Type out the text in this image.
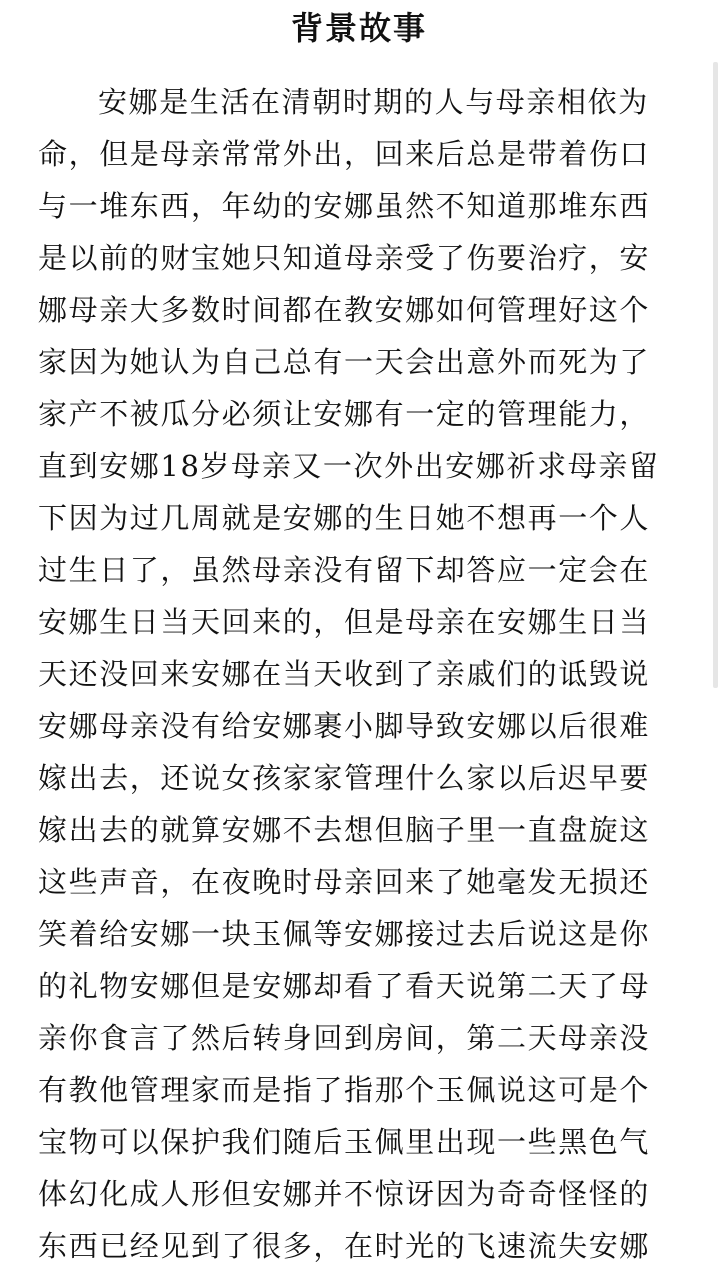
背景故事
安娜是生活在清朝时期的人与母亲相依为
命，但是母亲常常外出，回来后总是带着伤口
与一堆东西，年幼的安娜虽然不知道那堆东西
是以前的财宝她只知道母亲受了伤要治疗，安
娜母亲大多数时间都在教安娜如何管理好这个
家因为她认为自己总有一天会出意外而死为了
家产不被瓜分必须让安娜有一定的管理能力，
直到安娜18岁母亲又一次外出安娜祈求母亲留
下因为过几周就是安娜的生日她不想再一个人
过生日了，虽然母亲没有留下却答应一定会在
安娜生日当天回来的，但是母亲在安娜生日当
天还没回来安娜在当天收到了亲戚们的诋毁说
安娜母亲没有给安娜裹小脚导致安娜以后很难
嫁出去，还说女孩家家管理什么家以后迟早要
嫁出去的就算安娜不去想但脑子里一直盘旋这
这些声音，在夜晚时母亲回来了她毫发无损还
笑着给安娜一块玉佩等安娜接过去后说这是你
的礼物安娜但是安娜却看了看天说第二天了母
亲你食言了然后转身回到房间，第二天母亲没
有教他管理家而是指了指那个玉佩说这可是个
宝物可以保护我们随后玉佩里出现一些黑色气
体幻化成人形但安娜并不惊讶因为奇奇怪怪的
东西已经见到了很多，在时光的飞速流失安娜
